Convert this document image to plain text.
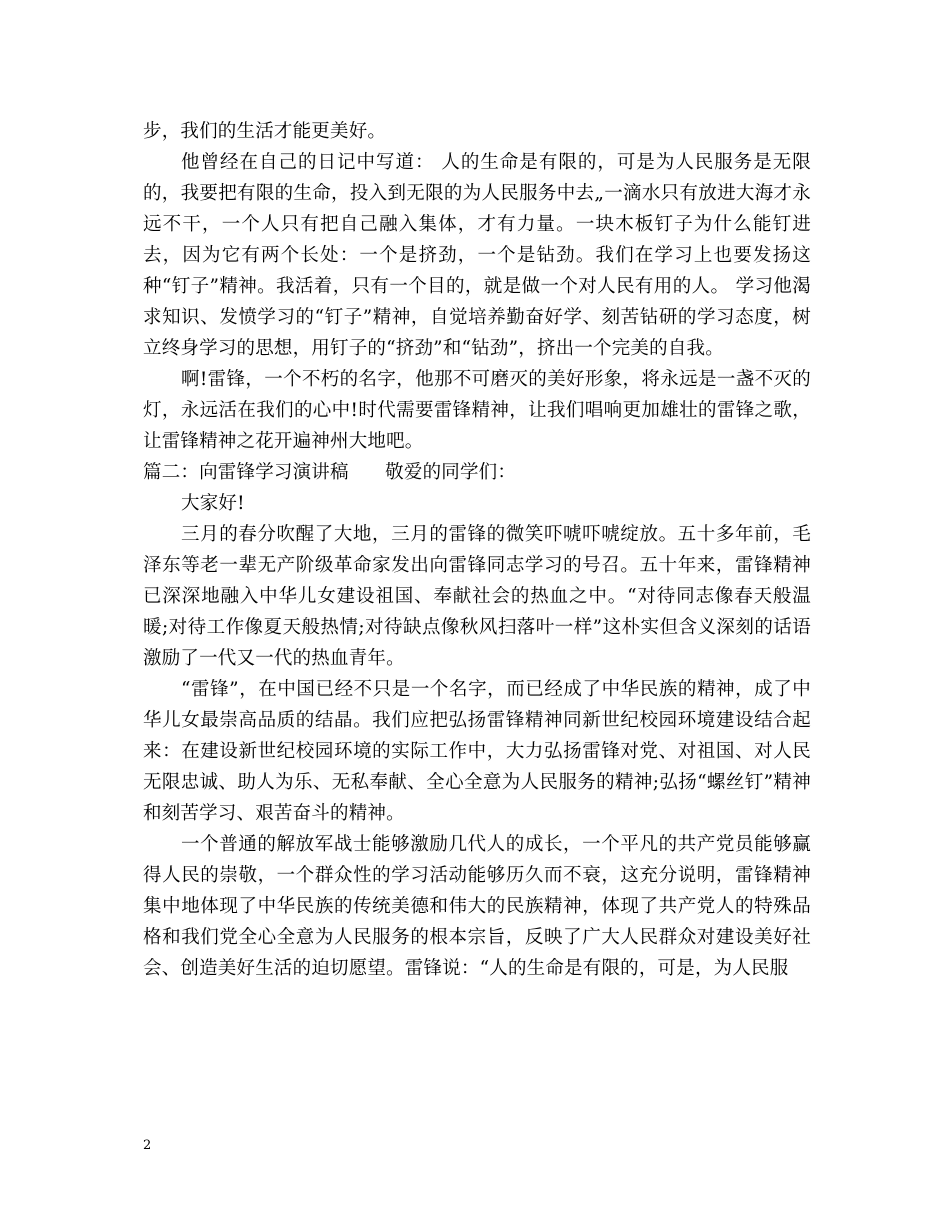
步，我们的生活才能更美好。

他曾经在自己的日记中写道： 人的生命是有限的，可是为人民服务是无限的，我要把有限的生命，投入到无限的为人民服务中去„一滴水只有放进大海才永远不干，一个人只有把自己融入集体，才有力量。一块木板钉子为什么能钉进去，因为它有两个长处：一个是挤劲，一个是钻劲。我们在学习上也要发扬这种“钉子”精神。我活着，只有一个目的，就是做一个对人民有用的人。 学习他渴求知识、发愤学习的“钉子”精神，自觉培养勤奋好学、刻苦钻研的学习态度，树立终身学习的思想，用钉子的“挤劲”和“钻劲”，挤出一个完美的自我。

啊!雷锋，一个不朽的名字，他那不可磨灭的美好形象，将永远是一盏不灭的灯，永远活在我们的心中!时代需要雷锋精神，让我们唱响更加雄壮的雷锋之歌，让雷锋精神之花开遍神州大地吧。

篇二：向雷锋学习演讲稿      敬爱的同学们：

大家好!

三月的春分吹醒了大地，三月的雷锋的微笑吓唬吓唬绽放。五十多年前，毛泽东等老一辈无产阶级革命家发出向雷锋同志学习的号召。五十年来，雷锋精神已深深地融入中华儿女建设祖国、奉献社会的热血之中。“对待同志像春天般温暖;对待工作像夏天般热情;对待缺点像秋风扫落叶一样”这朴实但含义深刻的话语激励了一代又一代的热血青年。

“雷锋”，在中国已经不只是一个名字，而已经成了中华民族的精神，成了中华儿女最崇高品质的结晶。我们应把弘扬雷锋精神同新世纪校园环境建设结合起来：在建设新世纪校园环境的实际工作中，大力弘扬雷锋对党、对祖国、对人民无限忠诚、助人为乐、无私奉献、全心全意为人民服务的精神;弘扬“螺丝钉”精神和刻苦学习、艰苦奋斗的精神。

一个普通的解放军战士能够激励几代人的成长，一个平凡的共产党员能够赢得人民的崇敬，一个群众性的学习活动能够历久而不衰，这充分说明，雷锋精神集中地体现了中华民族的传统美德和伟大的民族精神，体现了共产党人的特殊品格和我们党全心全意为人民服务的根本宗旨，反映了广大人民群众对建设美好社会、创造美好生活的迫切愿望。雷锋说：“人的生命是有限的，可是，为人民服

2
